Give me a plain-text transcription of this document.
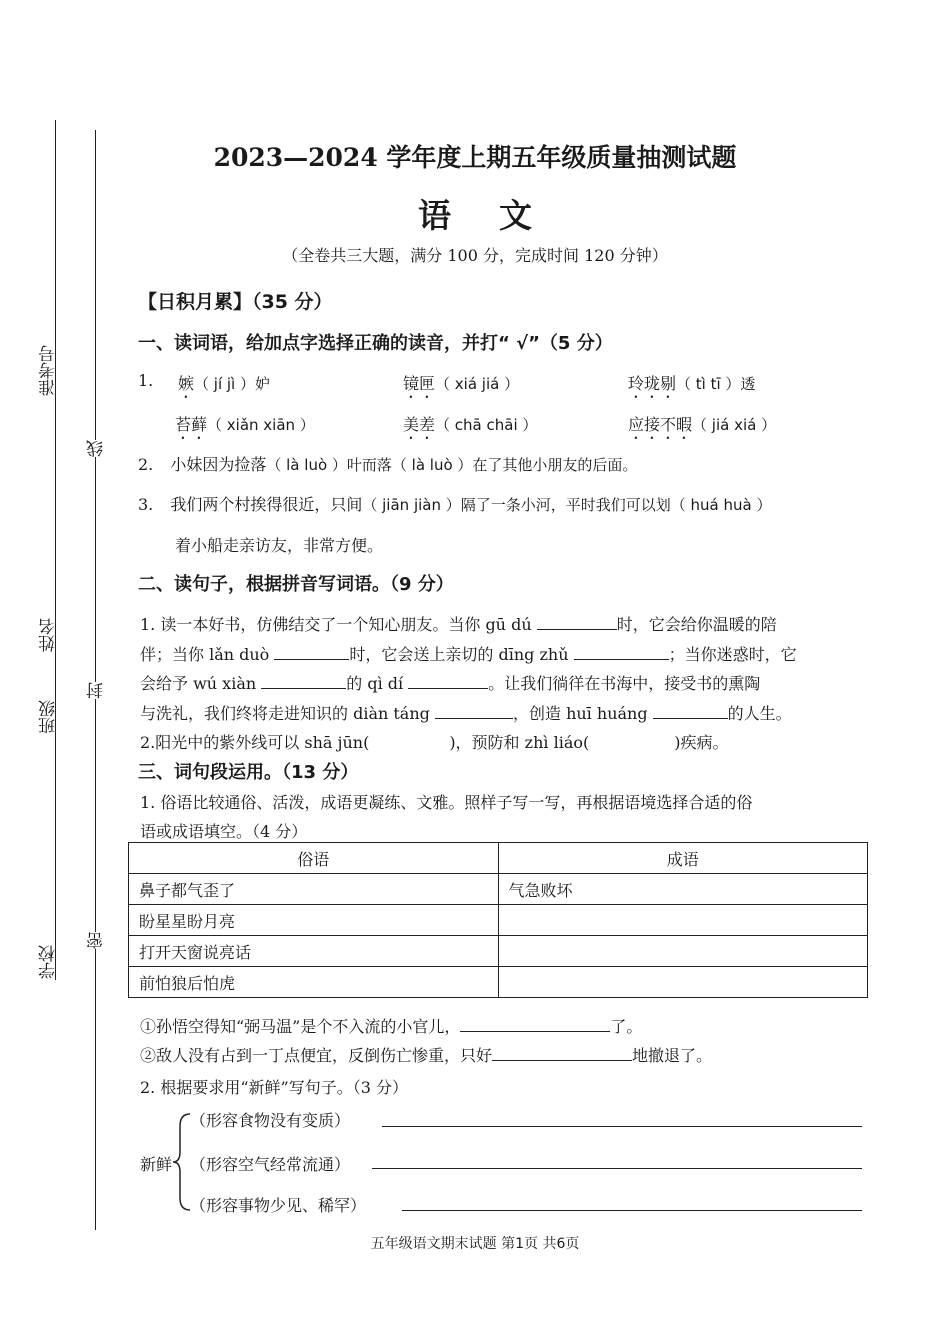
准考号
姓名
班级
学校
线
封
密
2023—2024 学年度上期五年级质量抽测试题
语文
（全卷共三大题，满分 100 分，完成时间 120 分钟）
【日积月累】（35 分）
一、读词语，给加点字选择正确的读音，并打“ √”（5 分）
1. 嫉（ jí jì ）妒	镜匣（ xiá jiá ）	玲珑剔（ tì tī ）透
苔藓（ xiǎn xiān ）	美差（ chā chāi ）	应接不暇（ jiá xiá ）
2. 小妹因为捡落（ là luò ）叶而落（ là luò ）在了其他小朋友的后面。
3. 我们两个村挨得很近，只间（ jiān jiàn ）隔了一条小河，平时我们可以划（ huá huà ）
着小船走亲访友，非常方便。
二、读句子，根据拼音写词语。（9 分）
1. 读一本好书，仿佛结交了一个知心朋友。当你 gū dú	时，它会给你温暖的陪
伴；当你 lǎn duò	时，它会送上亲切的 dīng zhǔ	；当你迷惑时，它
会给予 wú xiàn	的 qì dí	。让我们徜徉在书海中，接受书的熏陶
与洗礼，我们终将走进知识的 diàn táng	，创造 huī huáng	的人生。
2.阳光中的紫外线可以 shā jūn(	)，预防和 zhì liáo(	)疾病。
三、词句段运用。（13 分）
1. 俗语比较通俗、活泼，成语更凝练、文雅。照样子写一写，再根据语境选择合适的俗
语或成语填空。（4 分）
俗语	成语
鼻子都气歪了	气急败坏
盼星星盼月亮	
打开天窗说亮话	
前怕狼后怕虎	
①孙悟空得知“弼马温”是个不入流的小官儿，	了。
②敌人没有占到一丁点便宜，反倒伤亡惨重，只好	地撤退了。
2. 根据要求用“新鲜”写句子。（3 分）
新鲜
（形容食物没有变质）
（形容空气经常流通）
（形容事物少见、稀罕）
五年级语文期末试题 第1页 共6页
